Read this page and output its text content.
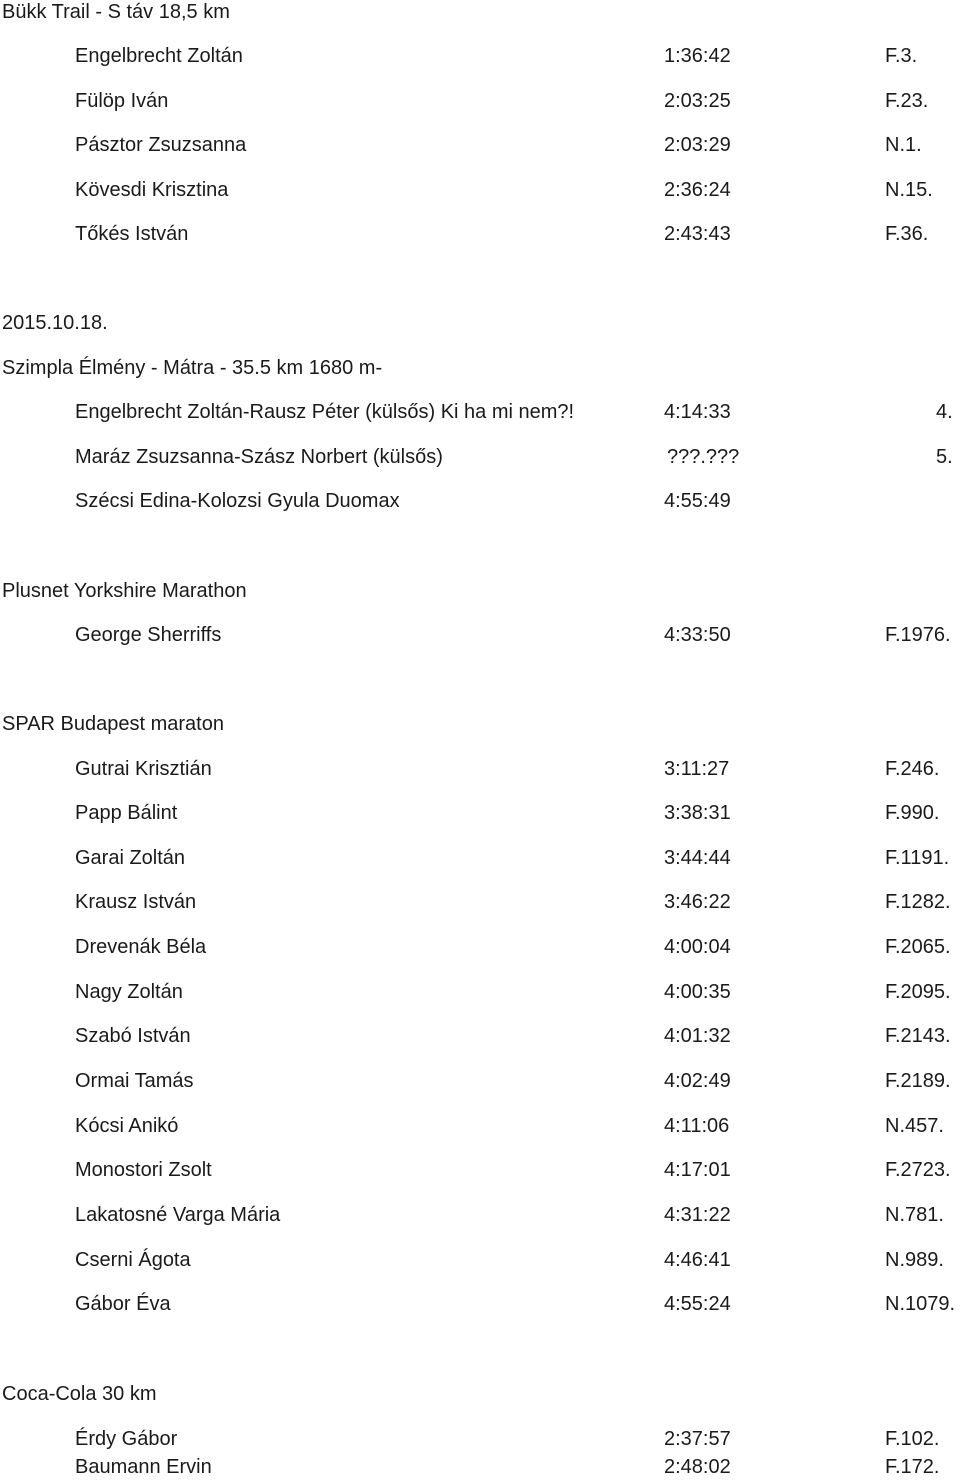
Bükk Trail - S táv 18,5 km
Engelbrecht Zoltán	1:36:42	F.3.
Fülöp Iván	2:03:25	F.23.
Pásztor Zsuzsanna	2:03:29	N.1.
Kövesdi Krisztina	2:36:24	N.15.
Tőkés István	2:43:43	F.36.
2015.10.18.
Szimpla Élmény - Mátra - 35.5 km 1680 m-
Engelbrecht Zoltán-Rausz Péter (külsős) Ki ha mi nem?!	4:14:33	4.
Maráz Zsuzsanna-Szász Norbert (külsős)	???.???	5.
Szécsi Edina-Kolozsi Gyula Duomax	4:55:49
Plusnet Yorkshire Marathon
George Sherriffs	4:33:50	F.1976.
SPAR Budapest maraton
Gutrai Krisztián	3:11:27	F.246.
Papp Bálint	3:38:31	F.990.
Garai Zoltán	3:44:44	F.1191.
Krausz István	3:46:22	F.1282.
Drevenák Béla	4:00:04	F.2065.
Nagy Zoltán	4:00:35	F.2095.
Szabó István	4:01:32	F.2143.
Ormai Tamás	4:02:49	F.2189.
Kócsi Anikó	4:11:06	N.457.
Monostori Zsolt	4:17:01	F.2723.
Lakatosné Varga Mária	4:31:22	N.781.
Cserni Ágota	4:46:41	N.989.
Gábor Éva	4:55:24	N.1079.
Coca-Cola 30 km
Érdy Gábor	2:37:57	F.102.
Baumann Ervin	2:48:02	F.172.
